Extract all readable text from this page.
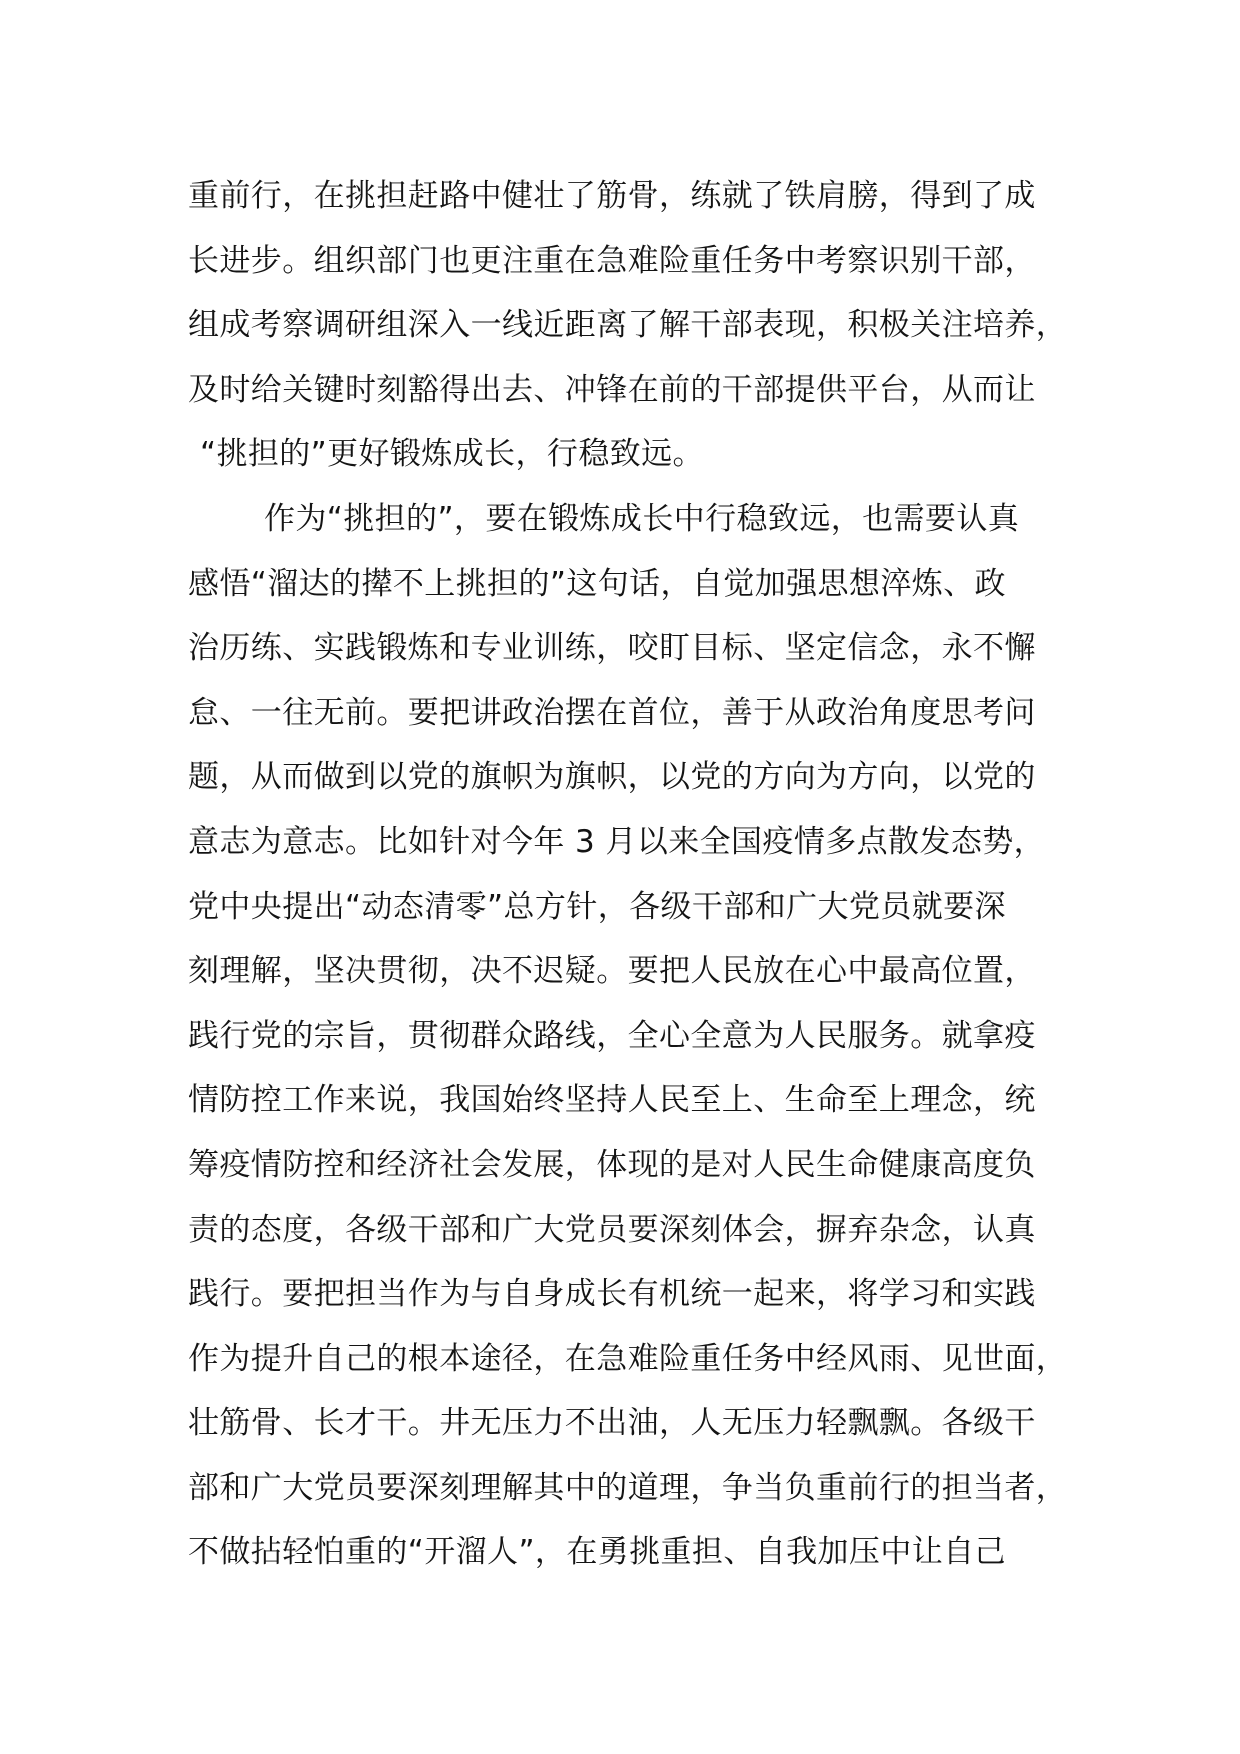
重前行，在挑担赶路中健壮了筋骨，练就了铁肩膀，得到了成
长进步。组织部门也更注重在急难险重任务中考察识别干部，
组成考察调研组深入一线近距离了解干部表现，积极关注培养，
及时给关键时刻豁得出去、冲锋在前的干部提供平台，从而让
“挑担的”更好锻炼成长，行稳致远。
作为“挑担的”，要在锻炼成长中行稳致远，也需要认真
感悟“溜达的撵不上挑担的”这句话，自觉加强思想淬炼、政
治历练、实践锻炼和专业训练，咬盯目标、坚定信念，永不懈
怠、一往无前。要把讲政治摆在首位，善于从政治角度思考问
题，从而做到以党的旗帜为旗帜，以党的方向为方向，以党的
意志为意志。比如针对今年 3 月以来全国疫情多点散发态势，
党中央提出“动态清零”总方针，各级干部和广大党员就要深
刻理解，坚决贯彻，决不迟疑。要把人民放在心中最高位置，
践行党的宗旨，贯彻群众路线，全心全意为人民服务。就拿疫
情防控工作来说，我国始终坚持人民至上、生命至上理念，统
筹疫情防控和经济社会发展，体现的是对人民生命健康高度负
责的态度，各级干部和广大党员要深刻体会，摒弃杂念，认真
践行。要把担当作为与自身成长有机统一起来，将学习和实践
作为提升自己的根本途径，在急难险重任务中经风雨、见世面，
壮筋骨、长才干。井无压力不出油，人无压力轻飘飘。各级干
部和广大党员要深刻理解其中的道理，争当负重前行的担当者，
不做拈轻怕重的“开溜人”，在勇挑重担、自我加压中让自己
